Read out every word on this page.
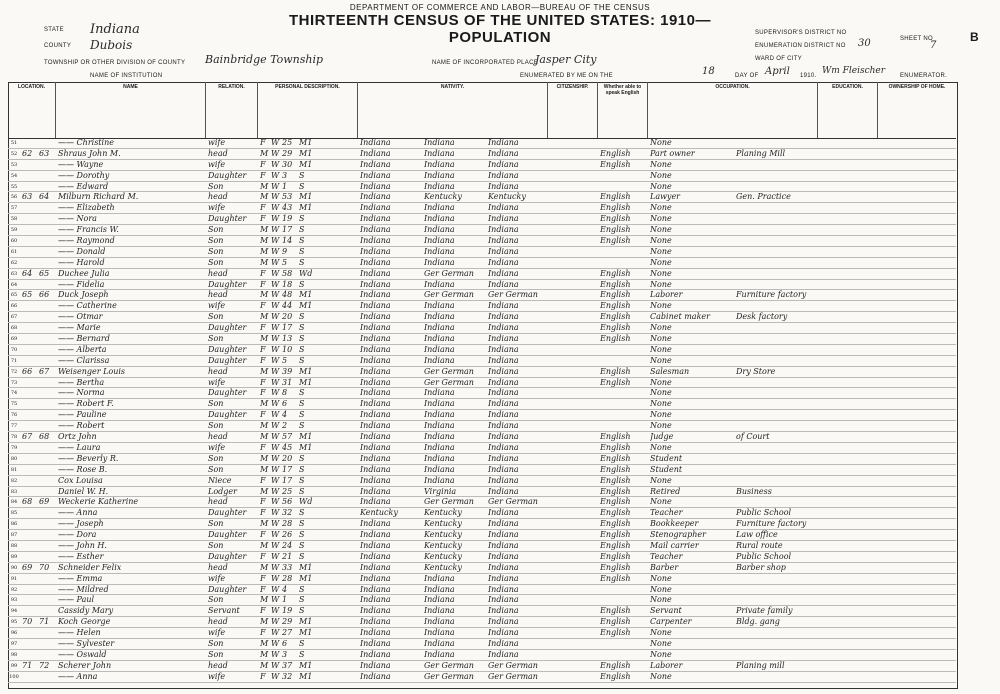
DEPARTMENT OF COMMERCE AND LABOR—BUREAU OF THE CENSUS
THIRTEENTH CENSUS OF THE UNITED STATES: 1910—POPULATION
STATE Indiana
COUNTY Dubois
TOWNSHIP OR OTHER DIVISION OF COUNTY Bainbridge Township	NAME OF INCORPORATED PLACE
Jasper City
NAME OF INSTITUTION	ENUMERATED BY ME ON THE	18	DAY OF April 1910. Wm Fleischer ENUMERATOR.
SUPERVISOR'S DISTRICT NO
ENUMERATION DISTRICT NO 30
WARD OF CITY
SHEET NO
7
B
LOCATION.	NAME	RELATION.	PERSONAL DESCRIPTION.	NATIVITY.	CITIZENSHIP.	Whether able to speak English
OCCUPATION.	EDUCATION.	OWNERSHIP OF HOME.
51	—— Christine	wife	F W 25 M1	Indiana	Indiana	Indiana	None
52 62 63	Shraus John M.	head	M W 29 M1	Indiana	Indiana	Indiana	English	Part owner	Planing Mill
53	—— Wayne	wife	F W 30 M1	Indiana	Indiana	Indiana	English	None
54	—— Dorothy	Daughter	F W 3	S	Indiana	Indiana	Indiana	None
55	—— Edward	Son	M W 1	S	Indiana	Indiana	Indiana	None
56 63 64	Milburn Richard M.	head	M W 53 M1	Indiana	Kentucky	Kentucky	English	Lawyer	Gen. Practice
57	—— Elizabeth	wife	F W 43 M1	Indiana	Indiana	Indiana	English	None
58	—— Nora	Daughter	F W 19 S	Indiana	Indiana	Indiana	English	None
59	—— Francis W.	Son	M W 17 S	Indiana	Indiana	Indiana	English	None
60	—— Raymond	Son	M W 14 S	Indiana	Indiana	Indiana	English	None
61	—— Donald	Son	M W 9	S	Indiana	Indiana	Indiana	None
62	—— Harold	Son	M W 5	S	Indiana	Indiana	Indiana	None
63 64 65	Duchee Julia	head	F W 58 Wd	Indiana	Ger German	Indiana	English	None
64	—— Fidelia	Daughter	F W 18 S	Indiana	Indiana	Indiana	English	None
65 65 66	Duck Joseph	head	M W 48 M1	Indiana	Ger German	Ger German	English	Laborer	Furniture factory
66	—— Catherine	wife	F W 44 M1	Indiana	Indiana	Indiana	English	None
67	—— Otmar	Son	M W 20 S	Indiana	Indiana	Indiana	English	Cabinet maker	Desk factory
68	—— Marie	Daughter	F W 17 S	Indiana	Indiana	Indiana	English	None
69	—— Bernard	Son	M W 13 S	Indiana	Indiana	Indiana	English	None
70	—— Alberta	Daughter	F W 10 S	Indiana	Indiana	Indiana	None
71	—— Clarissa	Daughter	F W 5	S	Indiana	Indiana	Indiana	None
72 66 67	Weisenger Louis	head	M W 39 M1	Indiana	Ger German	Indiana	English	Salesman	Dry Store
73	—— Bertha	wife	F W 31 M1	Indiana	Ger German	Indiana	English	None
74	—— Norma	Daughter	F W 8	S	Indiana	Indiana	Indiana	None
75	—— Robert F.	Son	M W 6	S	Indiana	Indiana	Indiana	None
76	—— Pauline	Daughter	F W 4	S	Indiana	Indiana	Indiana	None
77	—— Robert	Son	M W 2	S	Indiana	Indiana	Indiana	None
78 67 68	Ortz John	head	M W 57 M1	Indiana	Indiana	Indiana	English	Judge	of Court
79	—— Laura	wife	F W 45 M1	Indiana	Indiana	Indiana	English	None
80	—— Beverly R.	Son	M W 20 S	Indiana	Indiana	Indiana	English	Student
81	—— Rose B.	Son	M W 17 S	Indiana	Indiana	Indiana	English	Student
82	Cox Louisa	Niece	F W 17 S	Indiana	Indiana	Indiana	English	None
83	Daniel W. H.	Lodger	M W 25 S	Indiana	Virginia	Indiana	English	Retired	Business
84 68 69	Weckerie Katherine	head	F W 56 Wd	Indiana	Ger German	Ger German	English	None
85	—— Anna	Daughter	F W 32 S	Kentucky	Kentucky	Indiana	English	Teacher	Public School
86	—— Joseph	Son	M W 28 S	Indiana	Kentucky	Indiana	English	Bookkeeper	Furniture factory
87	—— Dora	Daughter	F W 26 S	Indiana	Kentucky	Indiana	English	Stenographer	Law office
88	—— John H.	Son	M W 24 S	Indiana	Kentucky	Indiana	English	Mail carrier	Rural route
89	—— Esther	Daughter	F W 21 S	Indiana	Kentucky	Indiana	English	Teacher	Public School
90 69 70	Schneider Felix	head	M W 33 M1	Indiana	Kentucky	Indiana	English	Barber	Barber shop
91	—— Emma	wife	F W 28 M1	Indiana	Indiana	Indiana	English	None
92	—— Mildred	Daughter	F W 4	S	Indiana	Indiana	Indiana	None
93	—— Paul	Son	M W 1	S	Indiana	Indiana	Indiana	None
94	Cassidy Mary	Servant	F W 19 S	Indiana	Indiana	Indiana	English	Servant	Private family
95 70 71	Koch George	head	M W 29 M1	Indiana	Indiana	Indiana	English	Carpenter	Bldg. gang
96	—— Helen	wife	F W 27 M1	Indiana	Indiana	Indiana	English	None
97	—— Sylvester	Son	M W 6	S	Indiana	Indiana	Indiana	None
98	—— Oswald	Son	M W 3	S	Indiana	Indiana	Indiana	None
99 71 72	Scherer John	head	M W 37 M1	Indiana	Ger German	Ger German	English	Laborer	Planing mill
100	—— Anna	wife	F W 32 M1	Indiana	Ger German	Ger German	English	None
